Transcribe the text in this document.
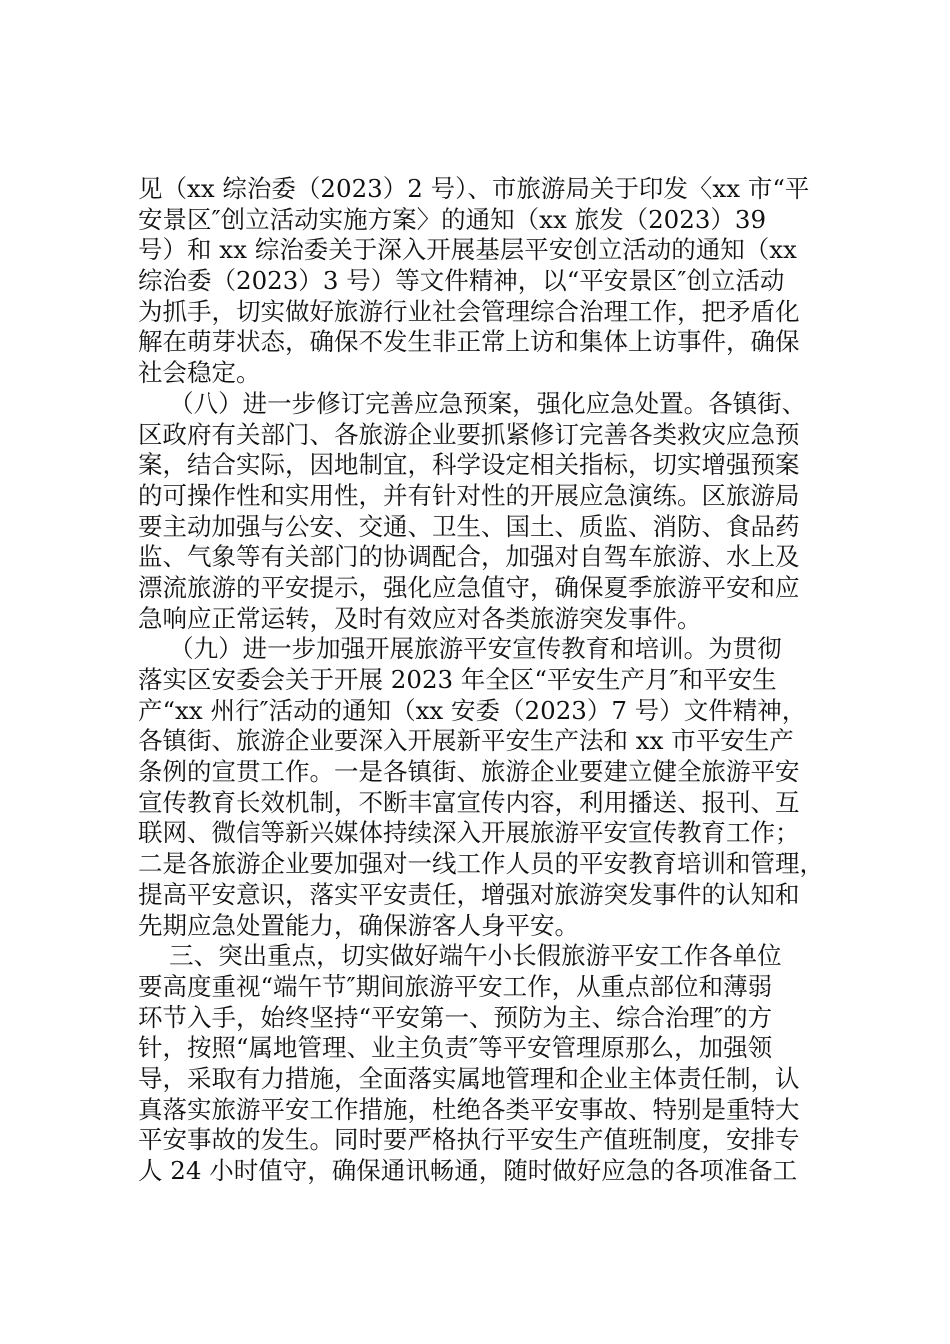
见（xx 综治委（2023）2 号）、市旅游局关于印发〈xx 市“平
安景区″创立活动实施方案〉的通知（xx 旅发（2023）39
号）和 xx 综治委关于深入开展基层平安创立活动的通知（xx
综治委（2023）3 号）等文件精神，以“平安景区″创立活动
为抓手，切实做好旅游行业社会管理综合治理工作，把矛盾化
解在萌芽状态，确保不发生非正常上访和集体上访事件，确保
社会稳定。
（八）进一步修订完善应急预案，强化应急处置。各镇街、
区政府有关部门、各旅游企业要抓紧修订完善各类救灾应急预
案，结合实际，因地制宜，科学设定相关指标，切实增强预案
的可操作性和实用性，并有针对性的开展应急演练。区旅游局
要主动加强与公安、交通、卫生、国土、质监、消防、食品药
监、气象等有关部门的协调配合，加强对自驾车旅游、水上及
漂流旅游的平安提示，强化应急值守，确保夏季旅游平安和应
急响应正常运转，及时有效应对各类旅游突发事件。
（九）进一步加强开展旅游平安宣传教育和培训。为贯彻
落实区安委会关于开展 2023 年全区“平安生产月″和平安生
产“xx 州行″活动的通知（xx 安委（2023）7 号）文件精神，
各镇街、旅游企业要深入开展新平安生产法和 xx 市平安生产
条例的宣贯工作。一是各镇街、旅游企业要建立健全旅游平安
宣传教育长效机制，不断丰富宣传内容，利用播送、报刊、互
联网、微信等新兴媒体持续深入开展旅游平安宣传教育工作；
二是各旅游企业要加强对一线工作人员的平安教育培训和管理，
提高平安意识，落实平安责任，增强对旅游突发事件的认知和
先期应急处置能力，确保游客人身平安。
三、突出重点，切实做好端午小长假旅游平安工作各单位
要高度重视“端午节″期间旅游平安工作，从重点部位和薄弱
环节入手，始终坚持“平安第一、预防为主、综合治理″的方
针，按照“属地管理、业主负责″等平安管理原那么，加强领
导，采取有力措施，全面落实属地管理和企业主体责任制，认
真落实旅游平安工作措施，杜绝各类平安事故、特别是重特大
平安事故的发生。同时要严格执行平安生产值班制度，安排专
人 24 小时值守，确保通讯畅通，随时做好应急的各项准备工
